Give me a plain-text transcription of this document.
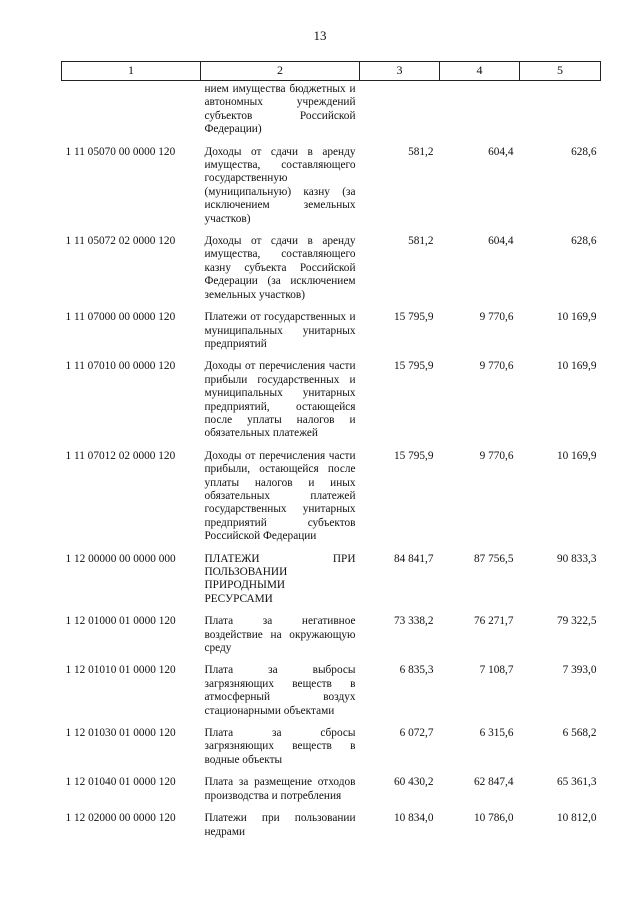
13
1	2	3	4	5
	нием имущества бюджетных и автономных учреждений субъектов Российской Федерации)			

1 11 05070 00 0000 120	Доходы от сдачи в аренду имущества, составляющего государственную (муниципальную) казну (за исключением земельных участков)	581,2	604,4	628,6

1 11 05072 02 0000 120	Доходы от сдачи в аренду имущества, составляющего казну субъекта Российской Федерации (за исключением земельных участков)	581,2	604,4	628,6

1 11 07000 00 0000 120	Платежи от государственных и муниципальных унитарных предприятий	15 795,9	9 770,6	10 169,9

1 11 07010 00 0000 120	Доходы от перечисления части прибыли государственных и муниципальных унитарных предприятий, остающейся после уплаты налогов и обязательных платежей	15 795,9	9 770,6	10 169,9

1 11 07012 02 0000 120	Доходы от перечисления части прибыли, остающейся после уплаты налогов и иных обязательных платежей государственных унитарных предприятий субъектов Российской Федерации	15 795,9	9 770,6	10 169,9

1 12 00000 00 0000 000	ПЛАТЕЖИ ПРИ ПОЛЬЗОВАНИИ ПРИРОДНЫМИ РЕСУРСАМИ	84 841,7	87 756,5	90 833,3

1 12 01000 01 0000 120	Плата за негативное воздействие на окружающую среду	73 338,2	76 271,7	79 322,5

1 12 01010 01 0000 120	Плата за выбросы загрязняющих веществ в атмосферный воздух стационарными объектами	6 835,3	7 108,7	7 393,0

1 12 01030 01 0000 120	Плата за сбросы загрязняющих веществ в водные объекты	6 072,7	6 315,6	6 568,2

1 12 01040 01 0000 120	Плата за размещение отходов производства и потребления	60 430,2	62 847,4	65 361,3

1 12 02000 00 0000 120	Платежи при пользовании недрами	10 834,0	10 786,0	10 812,0
